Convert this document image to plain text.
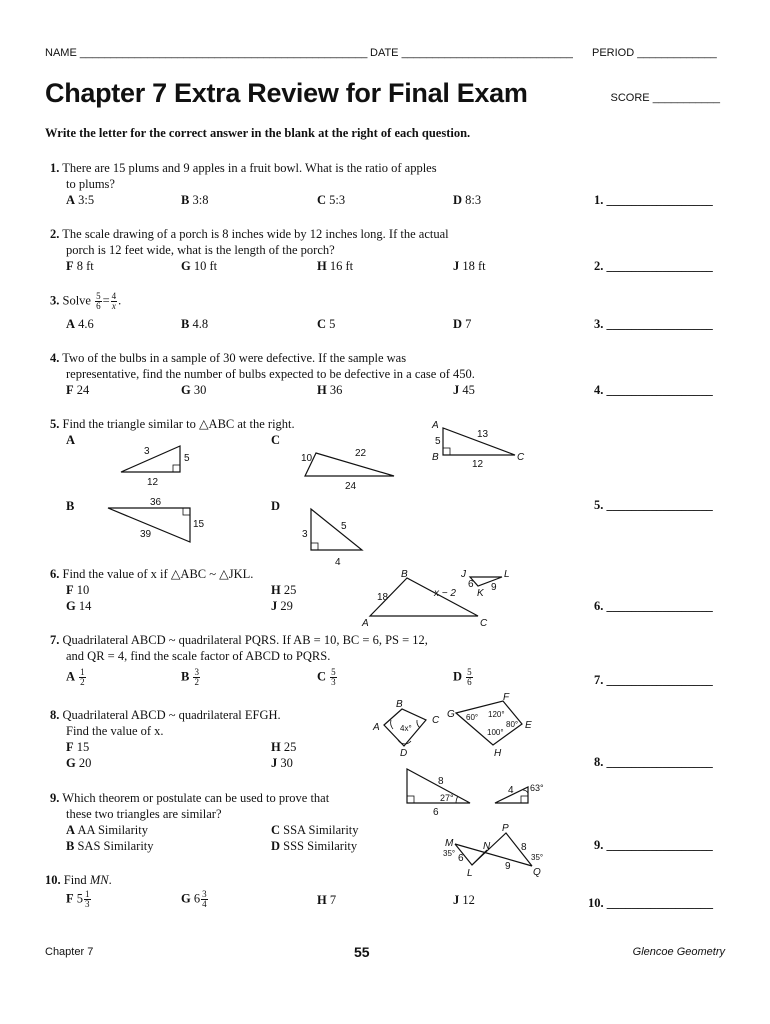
NAME _______________________________________________ DATE ____________________________ PERIOD _____________
Chapter 7 Extra Review for Final Exam	SCORE ___________
Write the letter for the correct answer in the blank at the right of each question.
1. There are 15 plums and 9 apples in a fruit bowl. What is the ratio of apples
to plums?
A 3:5	B 3:8	C 5:3	D 8:3	1. _________________
2. The scale drawing of a porch is 8 inches wide by 12 inches long. If the actual
porch is 12 feet wide, what is the length of the porch?
F 8 ft	G 10 ft	H 16 ft	J 18 ft	2. _________________
3. Solve $\frac{5}{6} = \frac{4}{x}$ .
A 4.6	B 4.8	C 5	D 7	3. _________________
4. Two of the bulbs in a sample of 30 were defective. If the sample was
representative, find the number of bulbs expected to be defective in a case of 450.
F 24	G 30	H 36	J 45	4. _________________
5. Find the triangle similar to △ABC at the right.
A	C
B	D	5. _________________
A
B	C
5
13
12
3
5
12
10	22
24
36
15
39
5
3
4
6. Find the value of x if △ABC ~ △JKL.
F 10	H 25
G 14	J 29	6. _________________
B
A	C
18	x − 2
J	L
K
6 9
7. Quadrilateral ABCD ~ quadrilateral PQRS. If AB = 10, BC = 6, PS = 12,
and QR = 4, find the scale factor of ABCD to PQRS.
A $\frac{1}{2}$	B $\frac{3}{2}$	C $\frac{5}{3}$	D $\frac{5}{6}$	7. _________________
8. Quadrilateral ABCD ~ quadrilateral EFGH.
Find the value of x.
F 15	H 25
G 20	J 30	8. _________________
B
A
C
D
4x°
G
F
E
H
60° 120°
80°
100°
9. Which theorem or postulate can be used to prove that
these two triangles are similar?
A AA Similarity	C SSA Similarity
B SAS Similarity	D SSS Similarity	9. _________________
8
27°
6
4 63°
M	N
P
L	Q
35°	35°
6
8
9
10. Find MN.
F $5 \frac{1}{3}$	G $6 \frac{3}{4}$	H 7	J 12	10. _________________
Chapter 7	55	Glencoe Geometry
